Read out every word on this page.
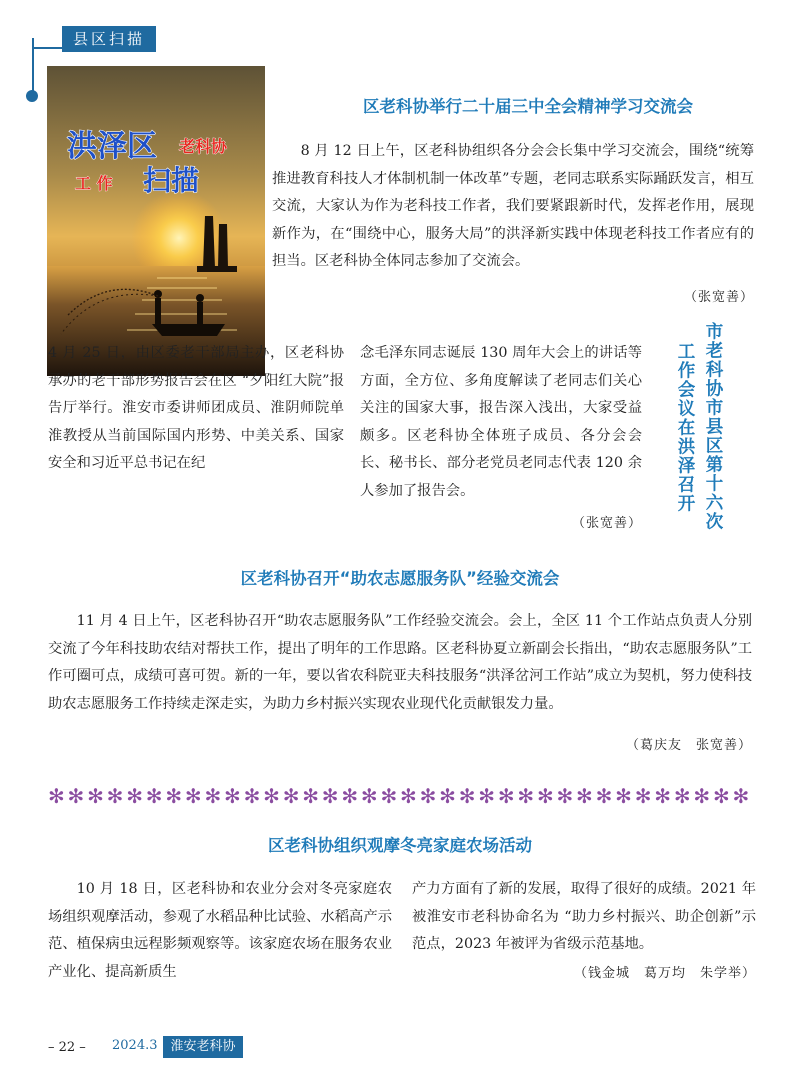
县区扫描
洪泽区 老科协
工 作 扫描
区老科协举行二十届三中全会精神学习交流会

8 月 12 日上午，区老科协组织各分会会长集中学习交流会，围绕“统筹推进教育科技人才体制机制一体改革”专题，老同志联系实际踊跃发言，相互交流，大家认为作为老科技工作者，我们要紧跟新时代，发挥老作用，展现新作为，在“围绕中心，服务大局”的洪泽新实践中体现老科技工作者应有的担当。区老科协全体同志参加了交流会。

（张宽善）

4 月 25 日，由区委老干部局主办，区老科协承办的老干部形势报告会在区 “夕阳红大院”报告厅举行。淮安市委讲师团成员、淮阴师院单淮教授从当前国际国内形势、中美关系、国家安全和习近平总书记在纪

念毛泽东同志诞辰 130 周年大会上的讲话等方面，全方位、多角度解读了老同志们关心关注的国家大事，报告深入浅出，大家受益颇多。区老科协全体班子成员、各分会会长、秘书长、部分老党员老同志代表 120 余人参加了报告会。

（张宽善）	市老科协市县区第十六次
工作会议在洪泽召开
区老科协召开“助农志愿服务队”经验交流会

11 月 4 日上午，区老科协召开“助农志愿服务队”工作经验交流会。会上，全区 11 个工作站点负责人分别交流了今年科技助农结对帮扶工作，提出了明年的工作思路。区老科协夏立新副会长指出，“助农志愿服务队”工作可圈可点，成绩可喜可贺。新的一年，要以省农科院亚夫科技服务“洪泽岔河工作站”成立为契机，努力使科技助农志愿服务工作持续走深走实，为助力乡村振兴实现农业现代化贡献银发力量。

（葛庆友　张宽善）
✻✻✻✻✻✻✻✻✻✻✻✻✻✻✻✻✻✻✻✻✻✻✻✻✻✻✻✻✻✻✻✻✻✻✻✻
区老科协组织观摩冬亮家庭农场活动

10 月 18 日，区老科协和农业分会对冬亮家庭农场组织观摩活动，参观了水稻品种比试验、水稻高产示范、植保病虫远程影频观察等。该家庭农场在服务农业产业化、提高新质生

产力方面有了新的发展，取得了很好的成绩。2021 年被淮安市老科协命名为 “助力乡村振兴、助企创新”示范点，2023 年被评为省级示范基地。

（钱金城　葛万均　朱学举）
– 22 – 2024.3 淮安老科协
